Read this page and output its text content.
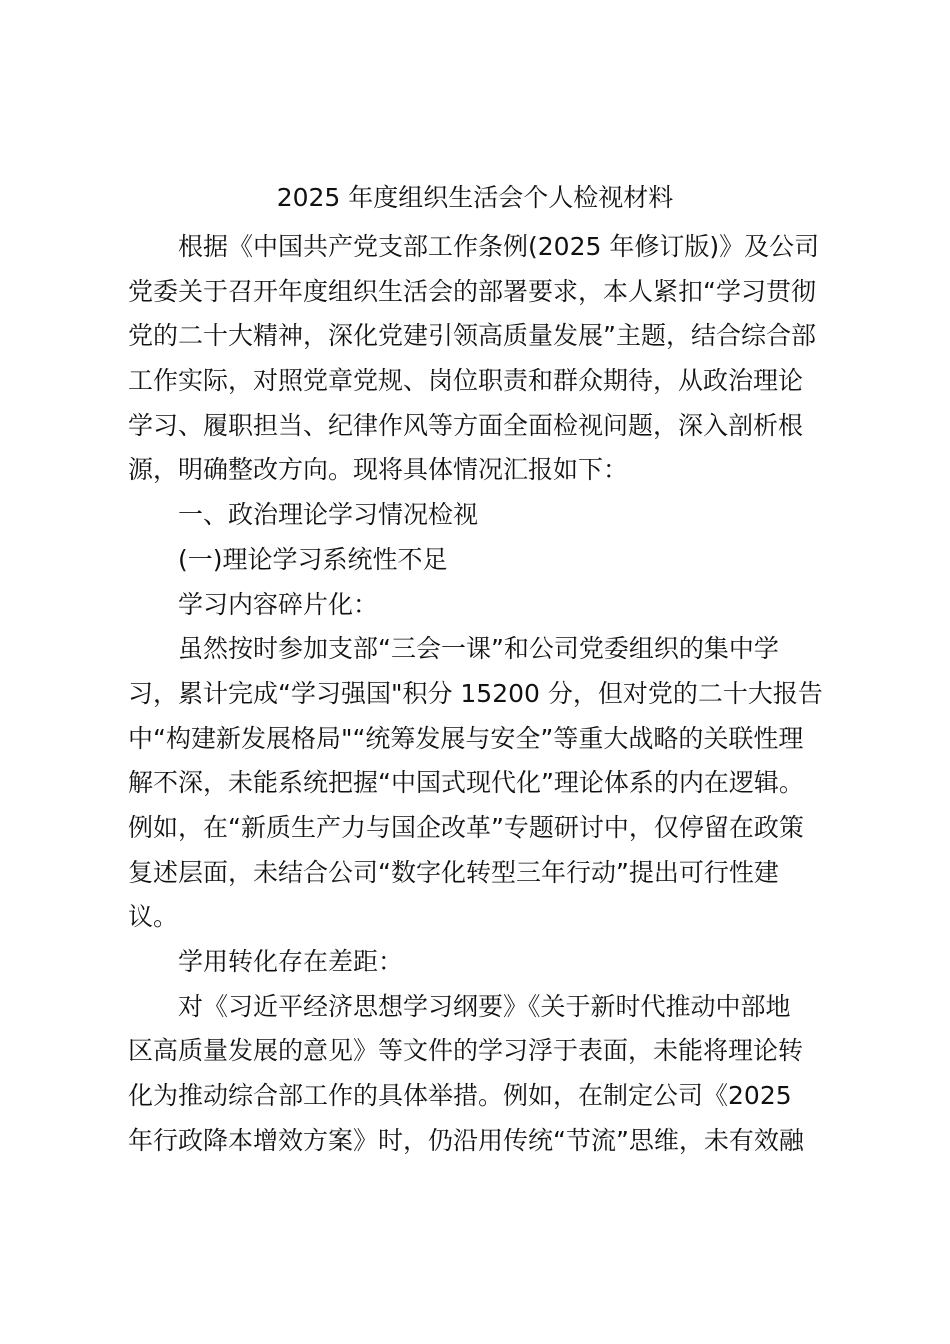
2025 年度组织生活会个人检视材料
根据《中国共产党支部工作条例(2025 年修订版)》及公司
党委关于召开年度组织生活会的部署要求，本人紧扣“学习贯彻
党的二十大精神，深化党建引领高质量发展”主题，结合综合部
工作实际，对照党章党规、岗位职责和群众期待，从政治理论
学习、履职担当、纪律作风等方面全面检视问题，深入剖析根
源，明确整改方向。现将具体情况汇报如下：
一、政治理论学习情况检视
(一)理论学习系统性不足
学习内容碎片化：
虽然按时参加支部“三会一课”和公司党委组织的集中学
习，累计完成“学习强国"积分 15200 分，但对党的二十大报告
中“构建新发展格局"“统筹发展与安全”等重大战略的关联性理
解不深，未能系统把握“中国式现代化”理论体系的内在逻辑。
例如，在“新质生产力与国企改革”专题研讨中，仅停留在政策
复述层面，未结合公司“数字化转型三年行动”提出可行性建
议。
学用转化存在差距：
对《习近平经济思想学习纲要》《关于新时代推动中部地
区高质量发展的意见》等文件的学习浮于表面，未能将理论转
化为推动综合部工作的具体举措。例如，在制定公司《2025
年行政降本增效方案》时，仍沿用传统“节流”思维，未有效融
